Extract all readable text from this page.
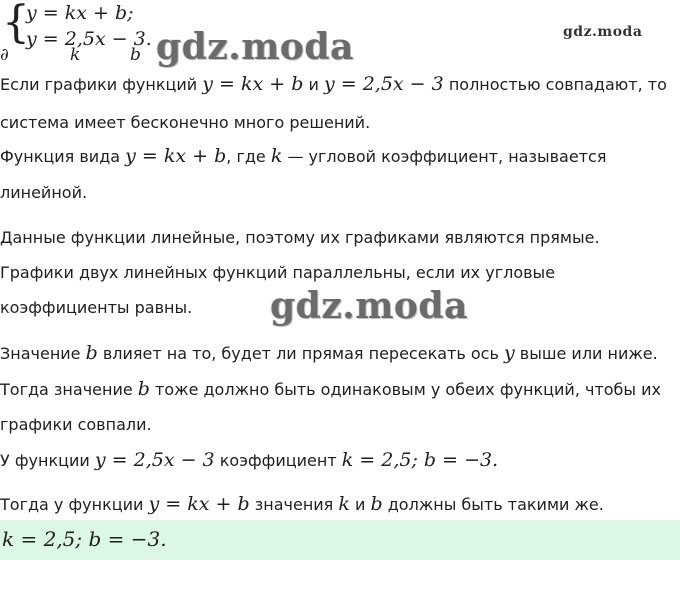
{
y = kx + b;
y = 2,5x − 3.
∂	k	b gdz.moda	gdz.moda
Если графики функций y = kx + b и y = 2,5x − 3 полностью совпадают, то
система имеет бесконечно много решений.
Функция вида y = kx + b, где k — угловой коэффициент, называется
линейной.
Данные функции линейные, поэтому их графиками являются прямые.
Графики двух линейных функций параллельны, если их угловые
коэффициенты равны.	gdz.moda
Значение b влияет на то, будет ли прямая пересекать ось y выше или ниже.
Тогда значение b тоже должно быть одинаковым у обеих функций, чтобы их
графики совпали.
У функции y = 2,5x − 3 коэффициент k = 2,5; b = −3.
Тогда у функции y = kx + b значения k и b должны быть такими же.
k = 2,5; b = −3.
